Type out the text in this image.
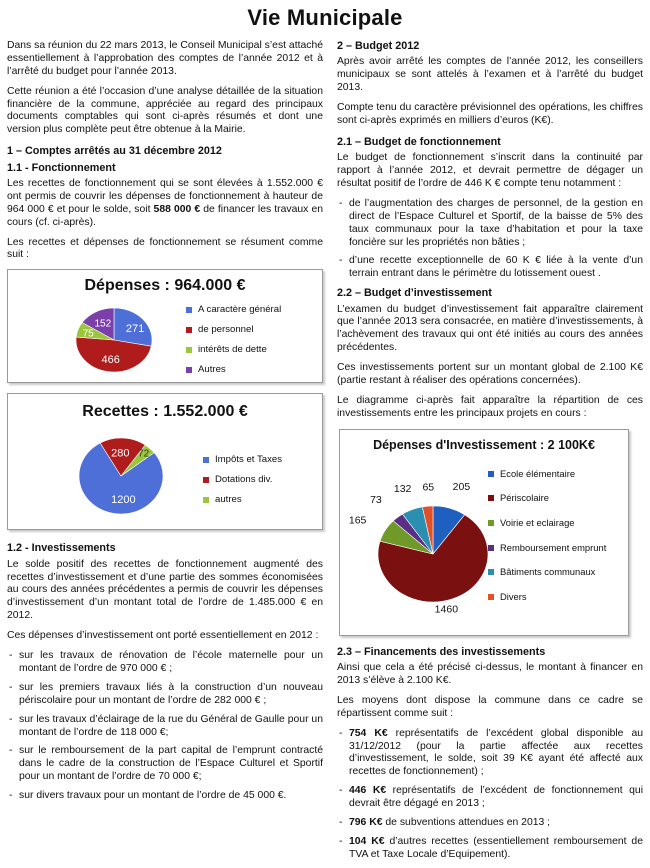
Vie Municipale

Dans sa réunion du 22 mars 2013, le Conseil Municipal s’est attaché essentiellement à l’approbation des comptes de l’année 2012 et à l’arrêté du budget pour l’année 2013.

Cette réunion a été l’occasion d’une analyse détaillée de la situation financière de la commune, appréciée au regard des principaux documents comptables qui sont ci-après résumés et dont une version plus complète peut être obtenue à la Mairie.

1 – Comptes arrêtés au 31 décembre 2012
1.1 - Fonctionnement

Les recettes de fonctionnement qui se sont élevées à 1.552.000 € ont permis de couvrir les dépenses de fonctionnement à hauteur de 964 000 € et pour le solde, soit 588 000 € de financer les travaux en cours (cf. ci-après).

Les recettes et dépenses de fonctionnement se résument comme suit :

Dépenses : 964.000 €
271
466
75
152
A caractère général
de personnel
intérêts de dette
Autres
Recettes : 1.552.000 €
1200
280 72	Impôts et Taxes
Dotations div.
autres
1.2 - Investissements

Le solde positif des recettes de fonctionnement augmenté des recettes d’investissement et d’une partie des sommes économisées au cours des années précédentes a permis de couvrir les dépenses d’investissement d’un montant total de l’ordre de 1.485.000 € en 2012.

Ces dépenses d’investissement ont porté essentiellement en 2012 :

- sur les travaux de rénovation de l’école maternelle pour un montant de l’ordre de 970 000 € ;
- sur les premiers travaux liés à la construction d’un nouveau périscolaire pour un montant de l’ordre de 282 000 € ;
- sur les travaux d’éclairage de la rue du Général de Gaulle pour un montant de l’ordre de 118 000 €;
- sur le remboursement de la part capital de l’emprunt contracté dans le cadre de la construction de l’Espace Culturel et Sportif pour un montant de l’ordre de 70 000 €;
- sur divers travaux pour un montant de l’ordre de 45 000 €.
2 – Budget 2012

Après avoir arrêté les comptes de l’année 2012, les conseillers municipaux se sont attelés à l’examen et à l’arrêté du budget 2013.

Compte tenu du caractère prévisionnel des opérations, les chiffres sont ci-après exprimés en milliers d’euros (K€).

2.1 – Budget de fonctionnement

Le budget de fonctionnement s’inscrit dans la continuité par rapport à l’année 2012, et devrait permettre de dégager un résultat positif de l’ordre de 446 K € compte tenu notamment :

- de l’augmentation des charges de personnel, de la gestion en direct de l’Espace Culturel et Sportif, de la baisse de 5% des taux communaux pour la taxe d’habitation et pour la taxe foncière sur les propriétés non bâties ;
- d’une recette exceptionnelle de 60 K € liée à la vente d’un terrain entrant dans le périmètre du lotissement ouest .
2.2 – Budget d’investissement

L’examen du budget d’investissement fait apparaître clairement que l’année 2013 sera consacrée, en matière d’investissements, à l’achèvement des travaux qui ont été initiés au cours des années précédentes.

Ces investissements portent sur un montant global de 2.100 K€ (partie restant à réaliser des opérations concernées).

Le diagramme ci-après fait apparaître la répartition de ces investissements entre les principaux projets en cours :

Dépenses d'Investissement : 2 100K€
205
1460
165
73
132 65
Ecole élémentaire
Périscolaire
Voirie et eclairage
Remboursement emprunt
Bâtiments communaux
Divers
2.3 – Financements des investissements

Ainsi que cela a été précisé ci-dessus, le montant à financer en 2013 s’élève à 2.100 K€.

Les moyens dont dispose la commune dans ce cadre se répartissent comme suit :

- 754 K€ représentatifs de l’excédent global disponible au 31/12/2012 (pour la partie affectée aux recettes d’investissement, le solde, soit 39 K€ ayant été affecté aux recettes de fonctionnement) ;
- 446 K€ représentatifs de l’excédent de fonctionnement qui devrait être dégagé en 2013 ;
- 796 K€ de subventions attendues en 2013 ;
- 104 K€ d’autres recettes (essentiellement remboursement de TVA et Taxe Locale d’Equipement).
